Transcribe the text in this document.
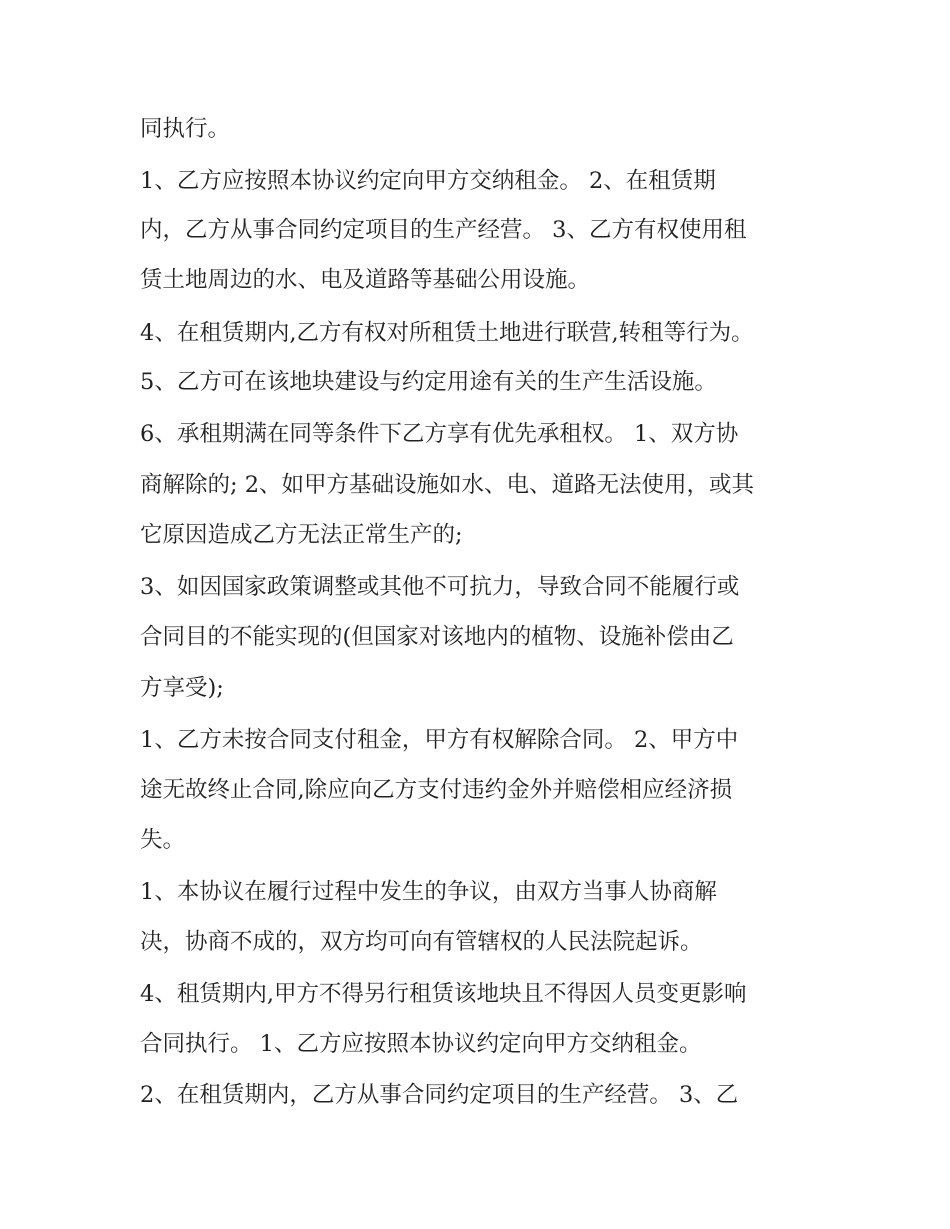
同执行。

1、乙方应按照本协议约定向甲方交纳租金。 2、在租赁期

内，乙方从事合同约定项目的生产经营。 3、乙方有权使用租

赁土地周边的水、电及道路等基础公用设施。

4、在租赁期内,乙方有权对所租赁土地进行联营,转租等行为。

5、乙方可在该地块建设与约定用途有关的生产生活设施。

6、承租期满在同等条件下乙方享有优先承租权。 1、双方协

商解除的; 2、如甲方基础设施如水、电、道路无法使用，或其

它原因造成乙方无法正常生产的;

3、如因国家政策调整或其他不可抗力，导致合同不能履行或

合同目的不能实现的(但国家对该地内的植物、设施补偿由乙

方享受);

1、乙方未按合同支付租金，甲方有权解除合同。 2、甲方中

途无故终止合同,除应向乙方支付违约金外并赔偿相应经济损

失。

1、本协议在履行过程中发生的争议，由双方当事人协商解

决，协商不成的，双方均可向有管辖权的人民法院起诉。

4、租赁期内,甲方不得另行租赁该地块且不得因人员变更影响

合同执行。 1、乙方应按照本协议约定向甲方交纳租金。

2、在租赁期内，乙方从事合同约定项目的生产经营。 3、乙
